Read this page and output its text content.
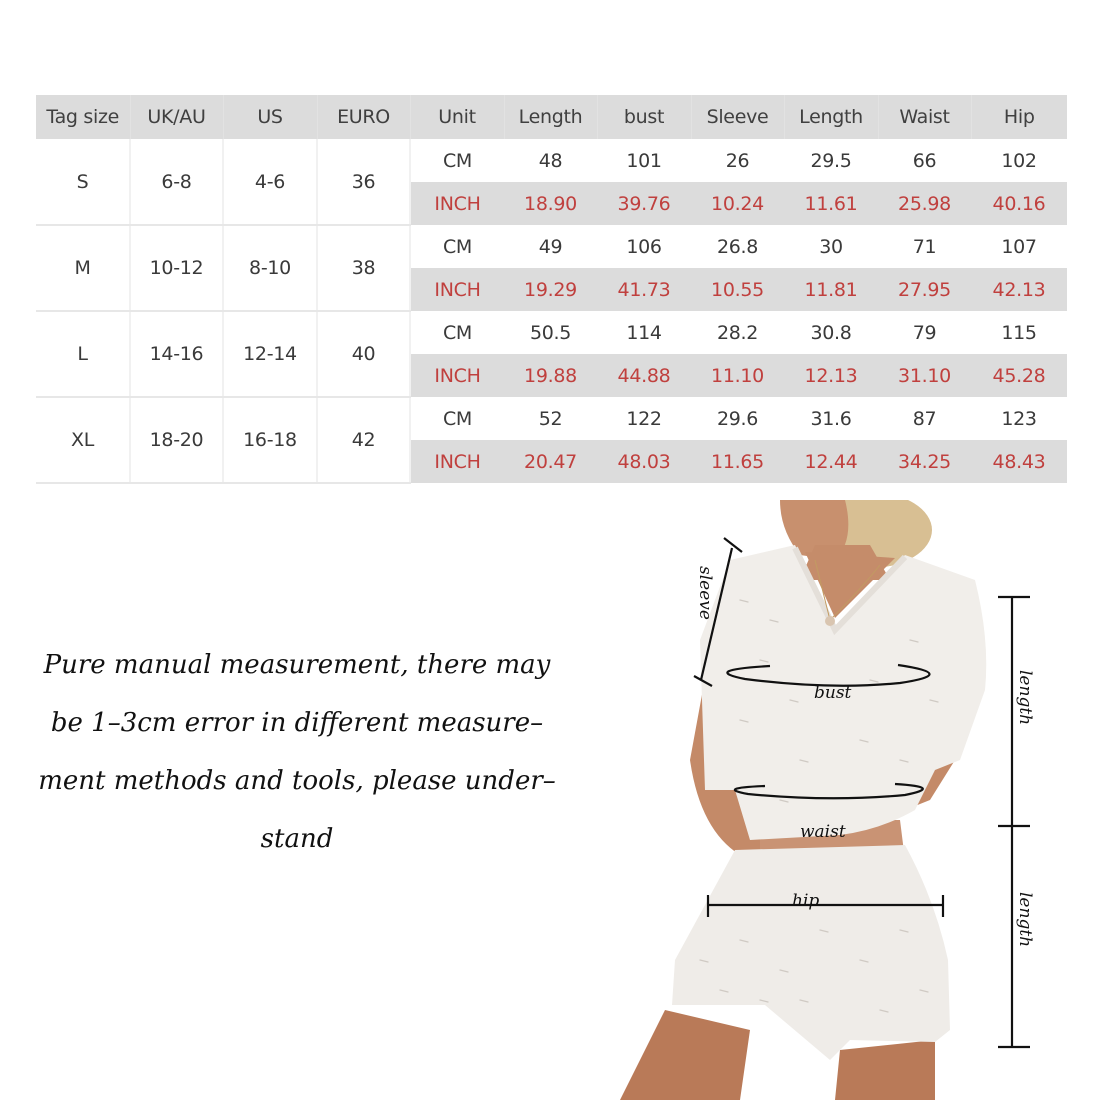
Tag size	UK/AU	US	EURO	Unit	Length	bust	Sleeve	Length	Waist	Hip
S	6-8	4-6	36	CM	48	101	26	29.5	66	102
				INCH	18.90	39.76	10.24	11.61	25.98	40.16
M	10-12	8-10	38	CM	49	106	26.8	30	71	107
				INCH	19.29	41.73	10.55	11.81	27.95	42.13
L	14-16	12-14	40	CM	50.5	114	28.2	30.8	79	115
				INCH	19.88	44.88	11.10	12.13	31.10	45.28
XL	18-20	16-18	42	CM	52	122	29.6	31.6	87	123
				INCH	20.47	48.03	11.65	12.44	34.25	48.43
Pure manual measurement, there may
be 1–3cm error in different measure–
ment methods and tools, please under–
stand
sleeve
bust
waist
hip
length
length
